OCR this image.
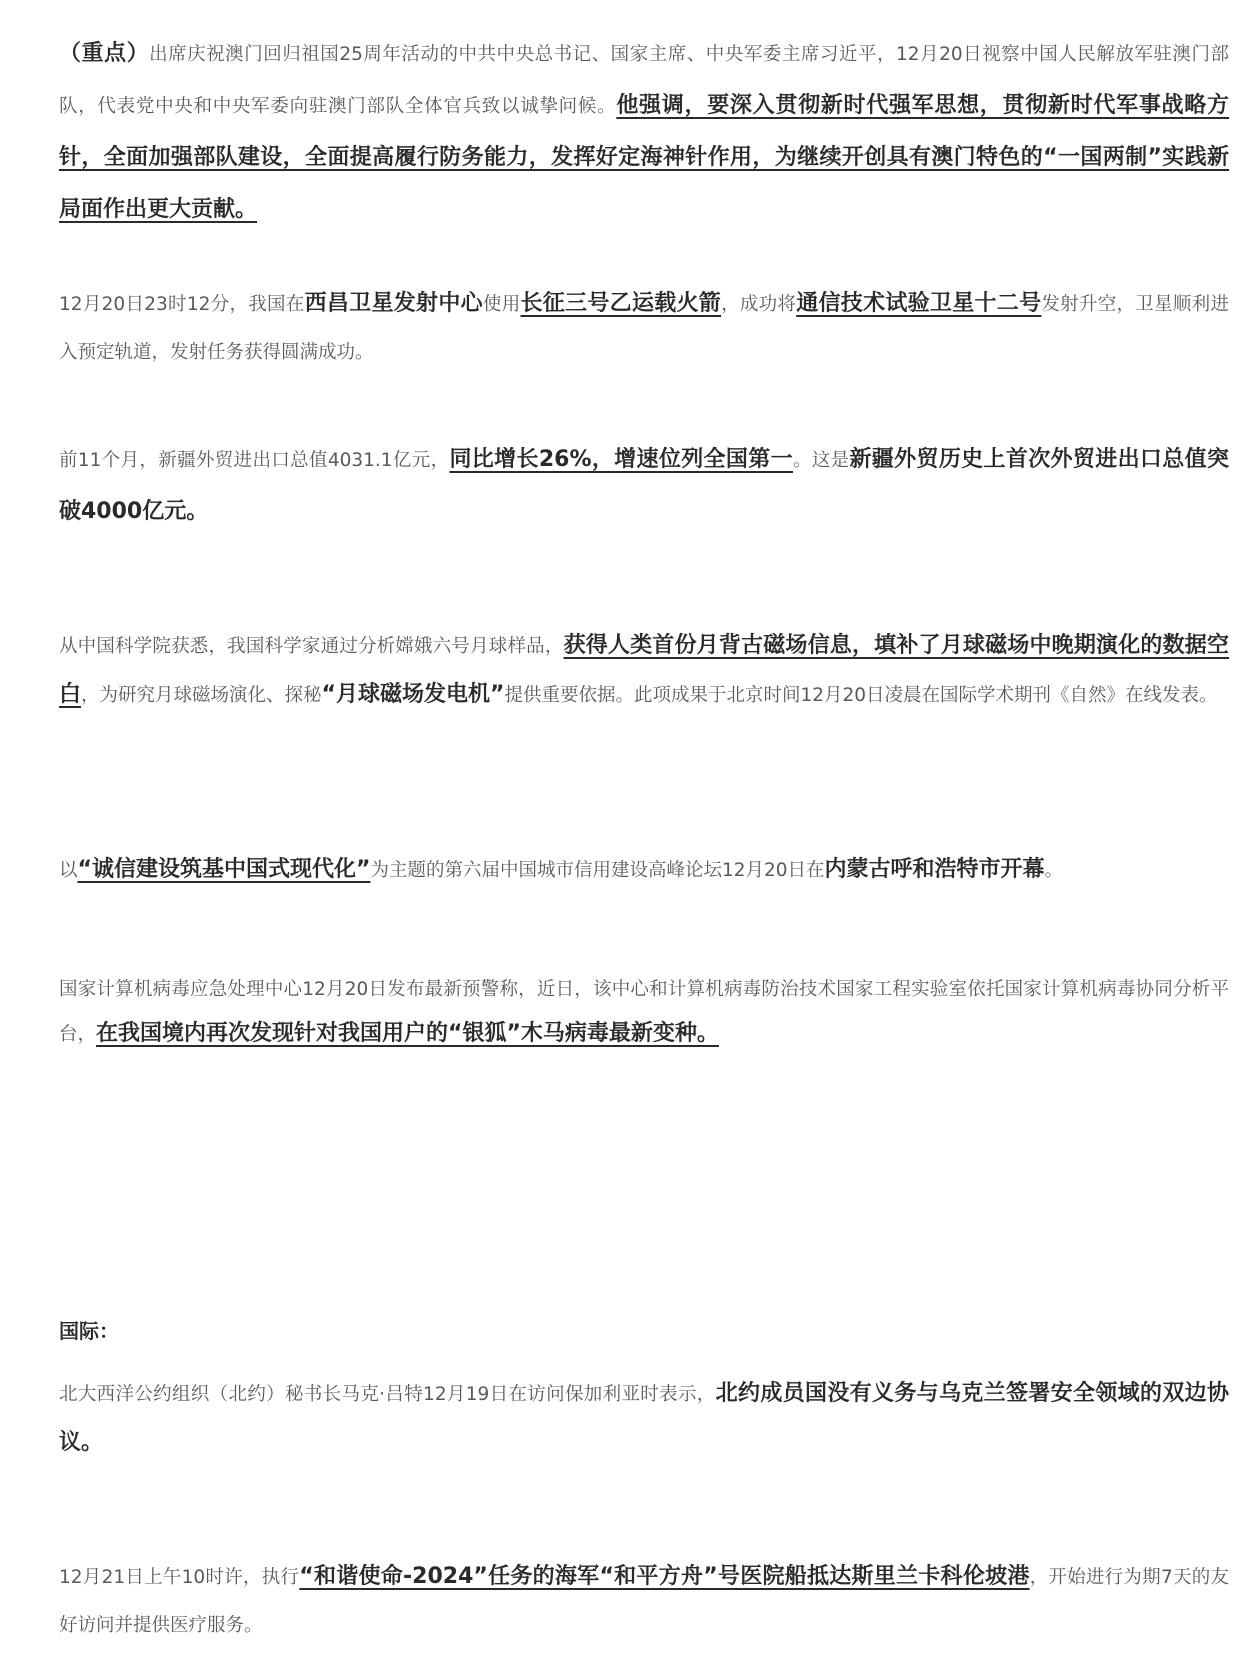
（重点）出席庆祝澳门回归祖国25周年活动的中共中央总书记、国家主席、中央军委主席习近平，12月20日视察中国人民解放军驻澳门部队，代表党中央和中央军委向驻澳门部队全体官兵致以诚挚问候。他强调，要深入贯彻新时代强军思想，贯彻新时代军事战略方针，全面加强部队建设，全面提高履行防务能力，发挥好定海神针作用，为继续开创具有澳门特色的“一国两制”实践新局面作出更大贡献。

12月20日23时12分，我国在西昌卫星发射中心使用长征三号乙运载火箭，成功将通信技术试验卫星十二号发射升空，卫星顺利进入预定轨道，发射任务获得圆满成功。

前11个月，新疆外贸进出口总值4031.1亿元，同比增长26%，增速位列全国第一。这是新疆外贸历史上首次外贸进出口总值突破4000亿元。

从中国科学院获悉，我国科学家通过分析嫦娥六号月球样品，获得人类首份月背古磁场信息，填补了月球磁场中晚期演化的数据空白，为研究月球磁场演化、探秘“月球磁场发电机”提供重要依据。此项成果于北京时间12月20日凌晨在国际学术期刊《自然》在线发表。

以“诚信建设筑基中国式现代化”为主题的第六届中国城市信用建设高峰论坛12月20日在内蒙古呼和浩特市开幕。

国家计算机病毒应急处理中心12月20日发布最新预警称，近日，该中心和计算机病毒防治技术国家工程实验室依托国家计算机病毒协同分析平台，在我国境内再次发现针对我国用户的“银狐”木马病毒最新变种。

国际：

北大西洋公约组织（北约）秘书长马克·吕特12月19日在访问保加利亚时表示，北约成员国没有义务与乌克兰签署安全领域的双边协议。

12月21日上午10时许，执行“和谐使命-2024”任务的海军“和平方舟”号医院船抵达斯里兰卡科伦坡港，开始进行为期7天的友好访问并提供医疗服务。
